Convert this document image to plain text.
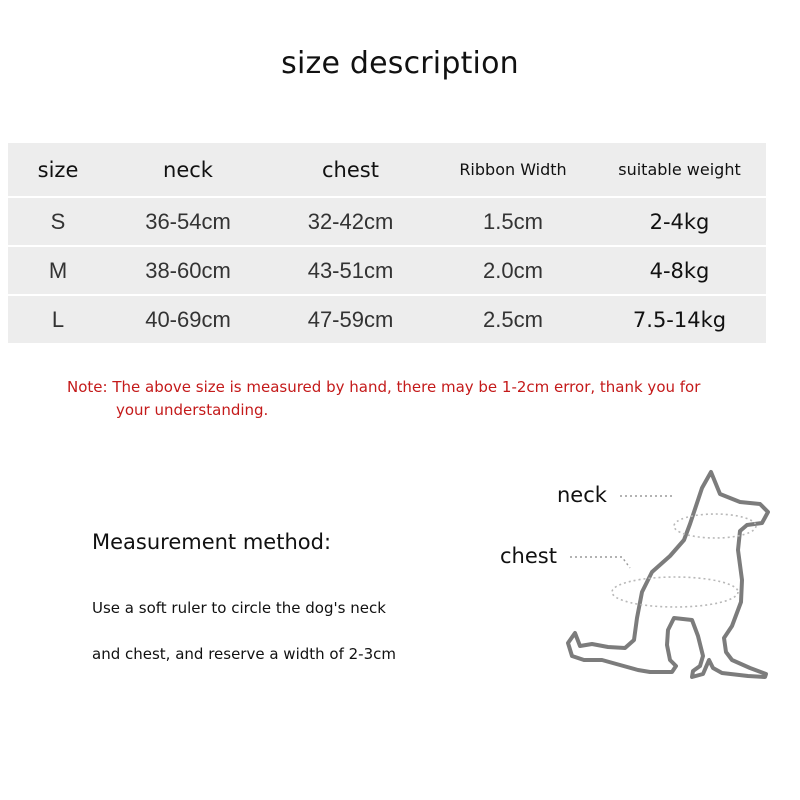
size description
size	neck	chest	Ribbon Width	suitable weight
S	36-54cm	32-42cm	1.5cm	2-4kg
M	38-60cm	43-51cm	2.0cm	4-8kg
L	40-69cm	47-59cm	2.5cm	7.5-14kg
Note: The above size is measured by hand, there may be 1-2cm error, thank you for
your understanding.
Measurement method:
Use a soft ruler to circle the dog's neck
and chest, and reserve a width of 2-3cm
neck
chest
